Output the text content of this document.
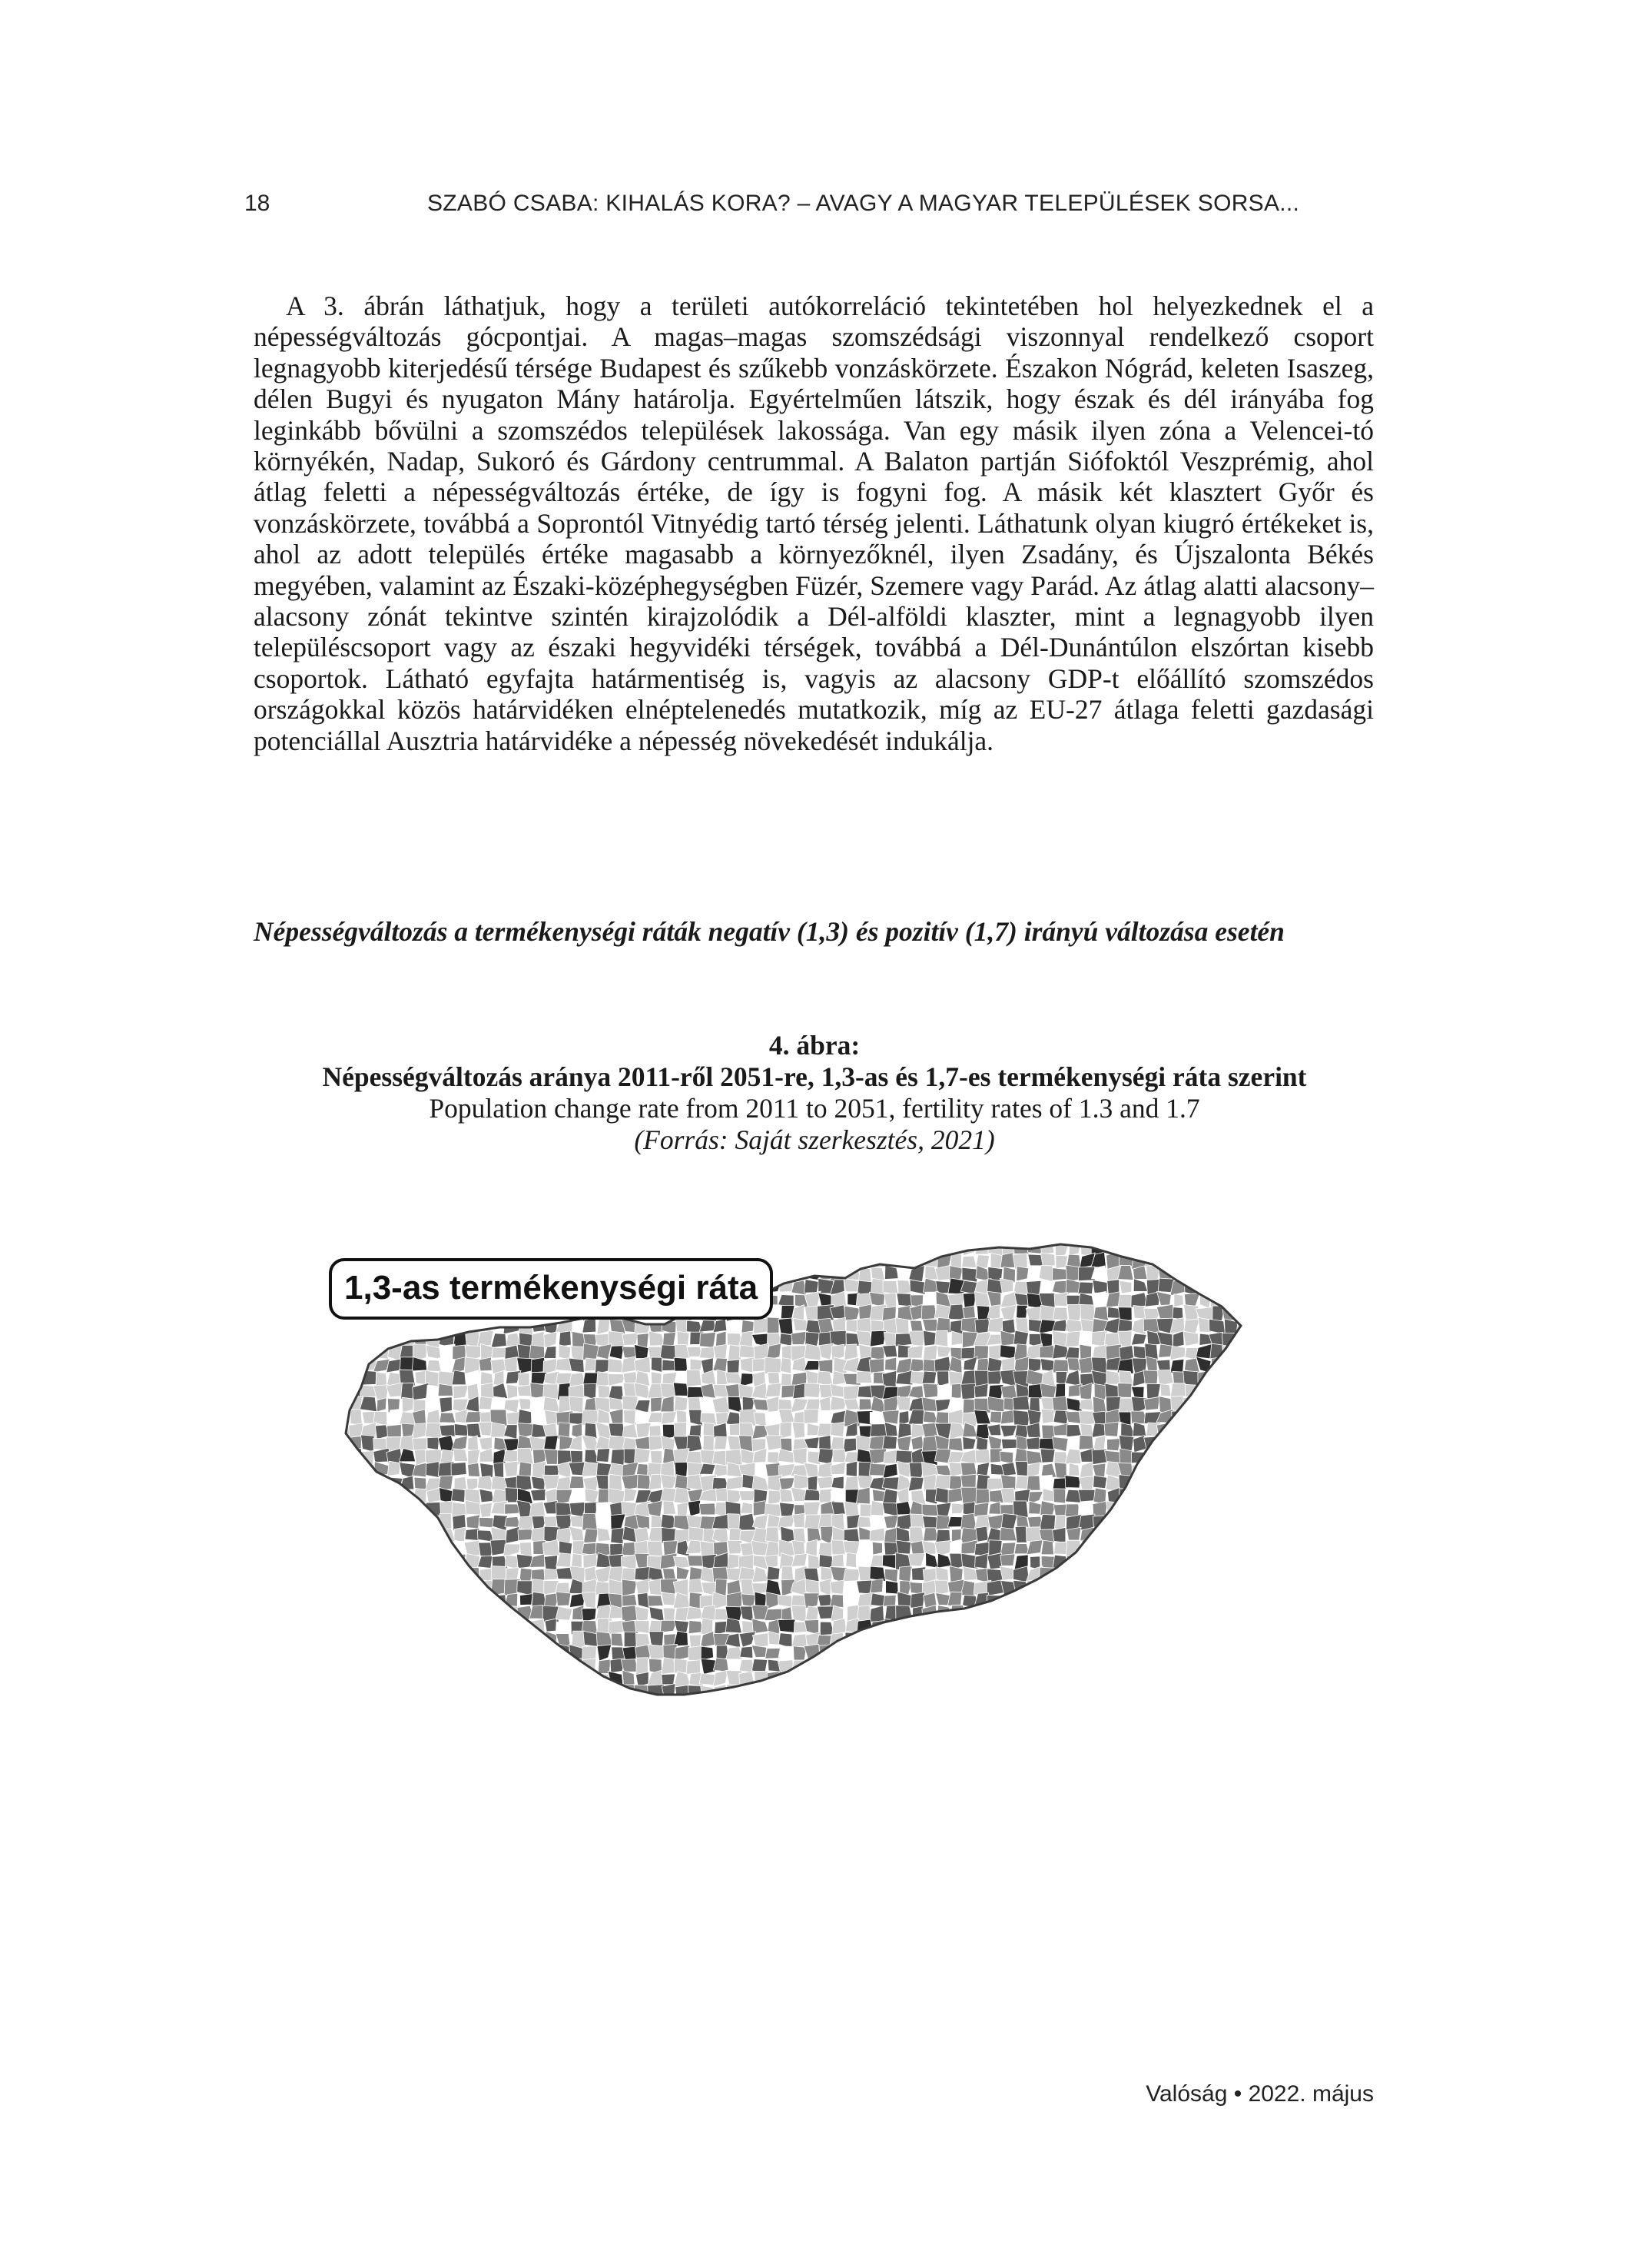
18	SZABÓ CSABA: KIHALÁS KORA? – AVAGY A MAGYAR TELEPÜLÉSEK SORSA...

A 3. ábrán láthatjuk, hogy a területi autókorreláció tekintetében hol helyezkednek el a népességváltozás gócpontjai. A magas–magas szomszédsági viszonnyal rendelkező csoport legnagyobb kiterjedésű térsége Budapest és szűkebb vonzáskörzete. Északon Nógrád, keleten Isaszeg, délen Bugyi és nyugaton Mány határolja. Egyértelműen látszik, hogy észak és dél irányába fog leginkább bővülni a szomszédos települések lakossága. Van egy másik ilyen zóna a Velencei-tó környékén, Nadap, Sukoró és Gárdony centrummal. A Balaton partján Siófoktól Veszprémig, ahol átlag feletti a népességváltozás értéke, de így is fogyni fog. A másik két klasztert Győr és vonzáskörzete, továbbá a Soprontól Vitnyédig tartó térség jelenti. Láthatunk olyan kiugró értékeket is, ahol az adott település értéke magasabb a környezőknél, ilyen Zsadány, és Újszalonta Békés megyében, valamint az Északi-középhegységben Füzér, Szemere vagy Parád. Az átlag alatti alacsony–alacsony zónát tekintve szintén kirajzolódik a Dél-alföldi klaszter, mint a legnagyobb ilyen településcsoport vagy az északi hegyvidéki térségek, továbbá a Dél-Dunántúlon elszórtan kisebb csoportok. Látható egyfajta határmentiség is, vagyis az alacsony GDP-t előállító szomszédos országokkal közös határvidéken elnéptelenedés mutatkozik, míg az EU-27 átlaga feletti gazdasági potenciállal Ausztria határvidéke a népesség növekedését indukálja.

Népességváltozás a termékenységi ráták negatív (1,3) és pozitív (1,7) irányú változása esetén

4. ábra:
Népességváltozás aránya 2011-ről 2051-re, 1,3-as és 1,7-es termékenységi ráta szerint
Population change rate from 2011 to 2051, fertility rates of 1.3 and 1.7
(Forrás: Saját szerkesztés, 2021)
1,3-as termékenységi ráta
Valóság • 2022. május
